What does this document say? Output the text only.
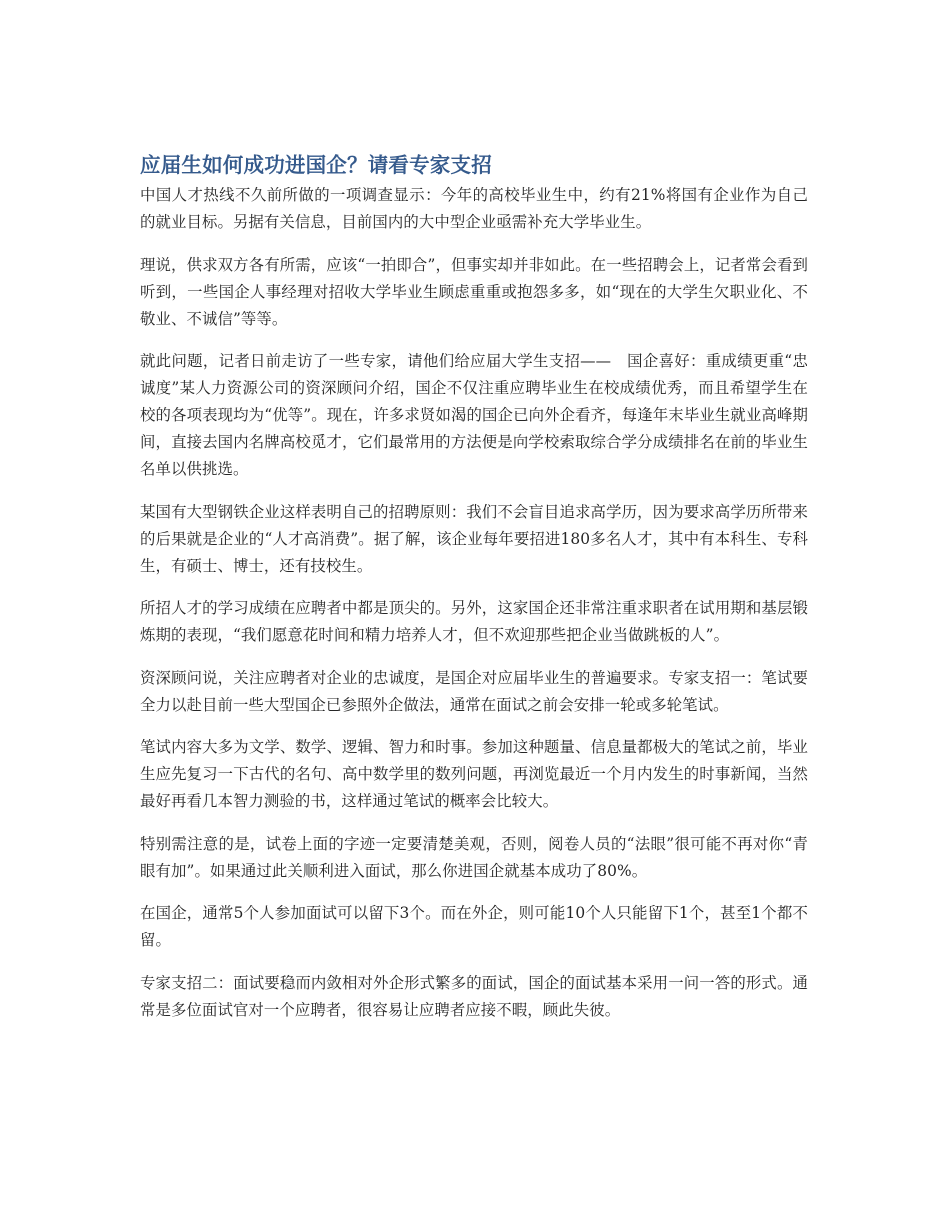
应届生如何成功进国企？请看专家支招

中国人才热线不久前所做的一项调查显示：今年的高校毕业生中，约有21%将国有企业作为自己的就业目标。另据有关信息，目前国内的大中型企业亟需补充大学毕业生。

理说，供求双方各有所需，应该“一拍即合”，但事实却并非如此。在一些招聘会上，记者常会看到听到，一些国企人事经理对招收大学毕业生顾虑重重或抱怨多多，如“现在的大学生欠职业化、不敬业、不诚信”等等。

就此问题，记者日前走访了一些专家，请他们给应届大学生支招——　国企喜好：重成绩更重“忠诚度”某人力资源公司的资深顾问介绍，国企不仅注重应聘毕业生在校成绩优秀，而且希望学生在校的各项表现均为“优等”。现在，许多求贤如渴的国企已向外企看齐，每逢年末毕业生就业高峰期间，直接去国内名牌高校觅才，它们最常用的方法便是向学校索取综合学分成绩排名在前的毕业生名单以供挑选。

某国有大型钢铁企业这样表明自己的招聘原则：我们不会盲目追求高学历，因为要求高学历所带来的后果就是企业的“人才高消费”。据了解，该企业每年要招进180多名人才，其中有本科生、专科生，有硕士、博士，还有技校生。

所招人才的学习成绩在应聘者中都是顶尖的。另外，这家国企还非常注重求职者在试用期和基层锻炼期的表现，“我们愿意花时间和精力培养人才，但不欢迎那些把企业当做跳板的人”。

资深顾问说，关注应聘者对企业的忠诚度，是国企对应届毕业生的普遍要求。专家支招一：笔试要全力以赴目前一些大型国企已参照外企做法，通常在面试之前会安排一轮或多轮笔试。

笔试内容大多为文学、数学、逻辑、智力和时事。参加这种题量、信息量都极大的笔试之前，毕业生应先复习一下古代的名句、高中数学里的数列问题，再浏览最近一个月内发生的时事新闻，当然最好再看几本智力测验的书，这样通过笔试的概率会比较大。

特别需注意的是，试卷上面的字迹一定要清楚美观，否则，阅卷人员的“法眼”很可能不再对你“青眼有加”。如果通过此关顺利进入面试，那么你进国企就基本成功了80%。

在国企，通常5个人参加面试可以留下3个。而在外企，则可能10个人只能留下1个，甚至1个都不留。

专家支招二：面试要稳而内敛相对外企形式繁多的面试，国企的面试基本采用一问一答的形式。通常是多位面试官对一个应聘者，很容易让应聘者应接不暇，顾此失彼。
